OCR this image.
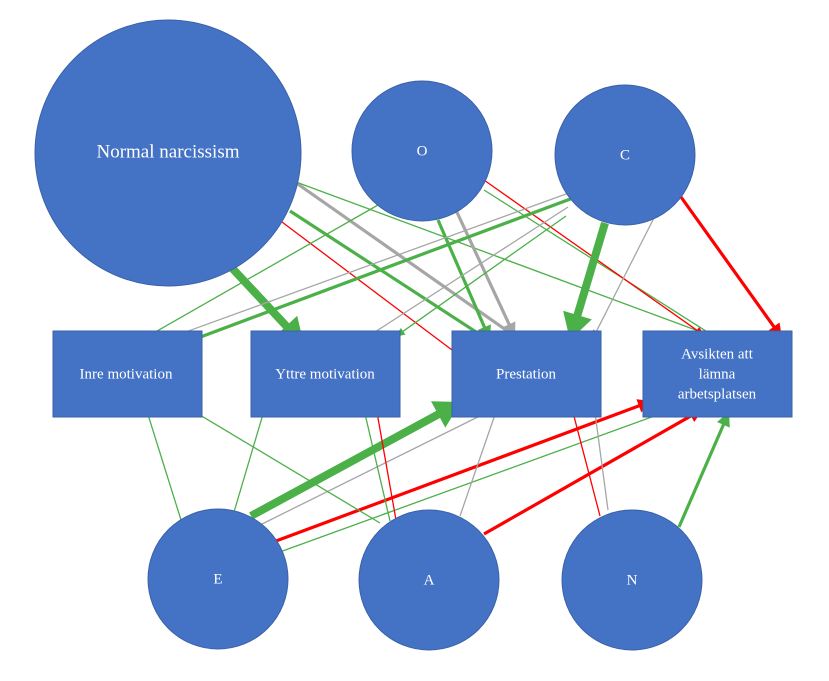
Normal narcissism	O	C
Inre motivation	Yttre motivation	Prestation
Avsikten att
lämna
arbetsplatsen
E	A	N
